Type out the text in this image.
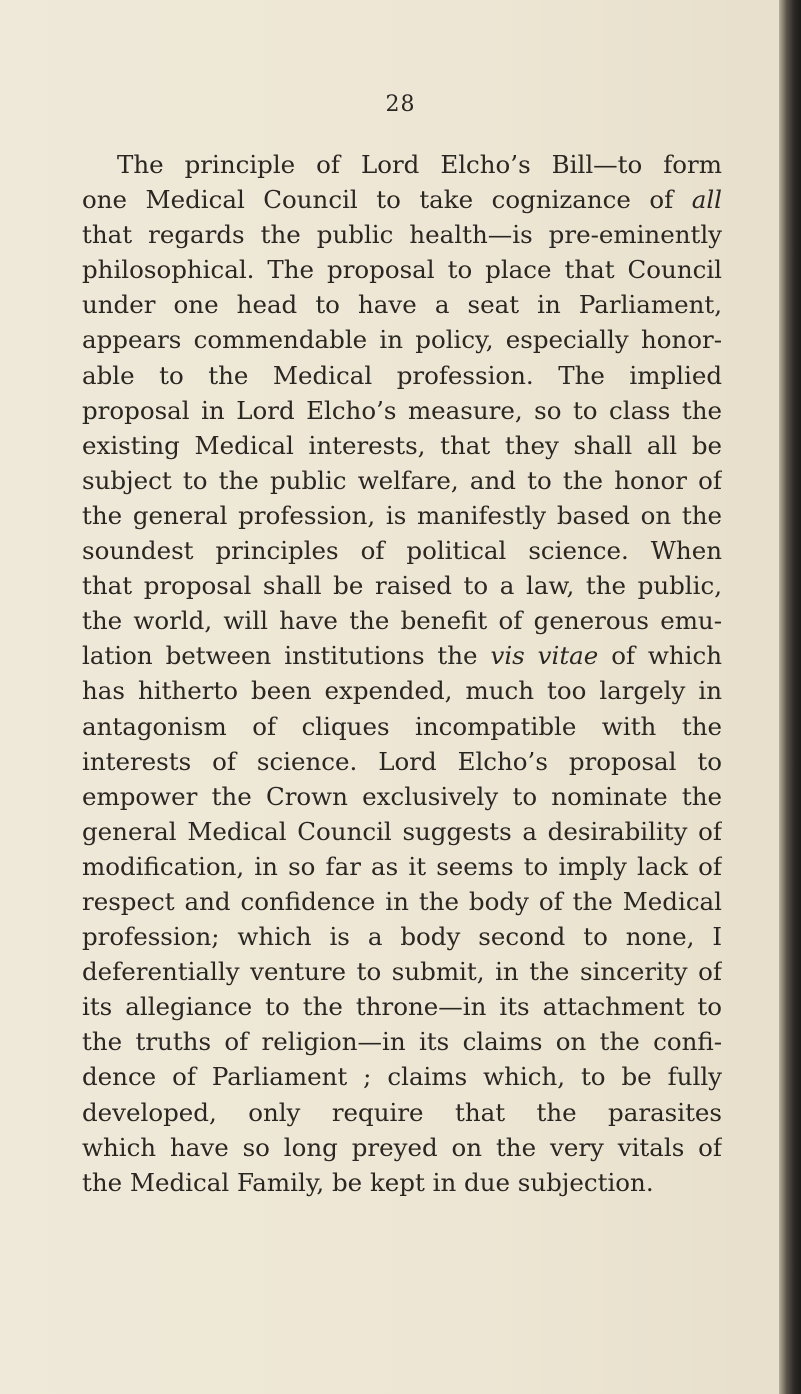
28
The principle of Lord Elcho’s Bill—to form
one Medical Council to take cognizance of all
that regards the public health—is pre-eminently
philosophical. The proposal to place that Council
under one head to have a seat in Parliament,
appears commendable in policy, especially honor-
able to the Medical profession. The implied
proposal in Lord Elcho’s measure, so to class the
existing Medical interests, that they shall all be
subject to the public welfare, and to the honor of
the general profession, is manifestly based on the
soundest principles of political science. When
that proposal shall be raised to a law, the public,
the world, will have the benefit of generous emu-
lation between institutions the vis vitae of which
has hitherto been expended, much too largely in
antagonism of cliques incompatible with the
interests of science. Lord Elcho’s proposal to
empower the Crown exclusively to nominate the
general Medical Council suggests a desirability of
modification, in so far as it seems to imply lack of
respect and confidence in the body of the Medical
profession; which is a body second to none, I
deferentially venture to submit, in the sincerity of
its allegiance to the throne—in its attachment to
the truths of religion—in its claims on the confi-
dence of Parliament ; claims which, to be fully
developed, only require that the parasites
which have so long preyed on the very vitals of
the Medical Family, be kept in due subjection.
